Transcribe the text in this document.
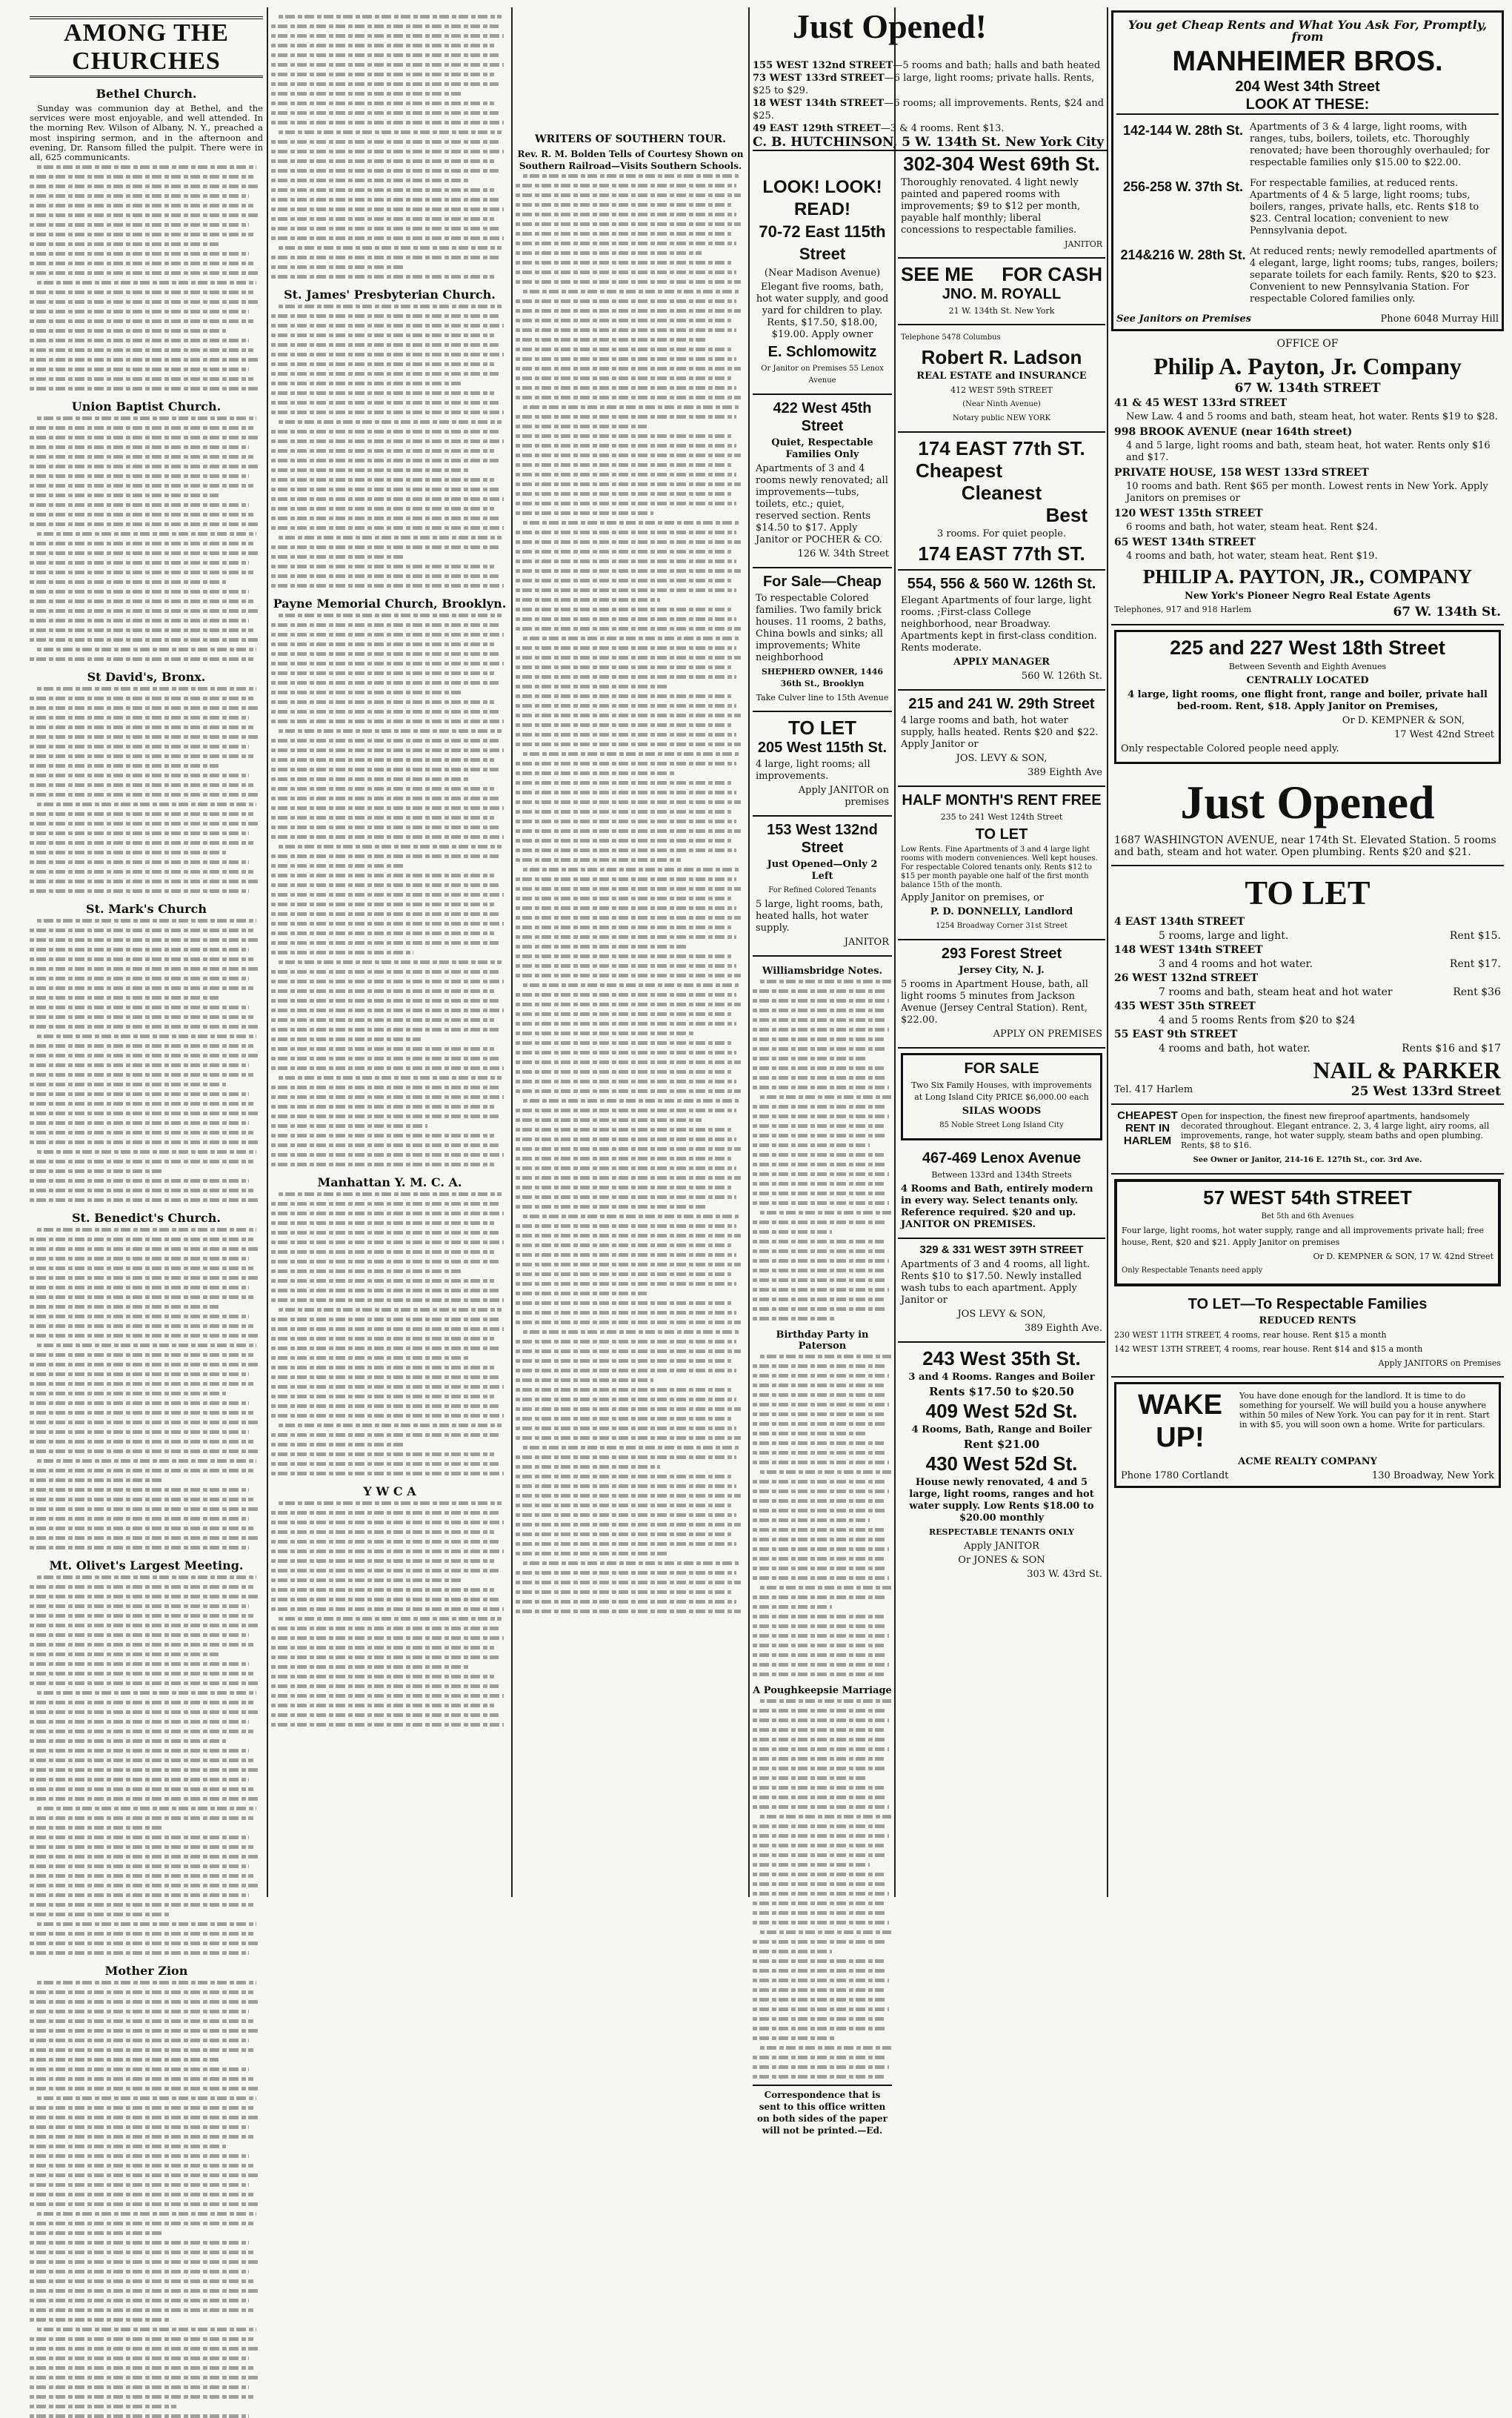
AMONG THE CHURCHES
Bethel Church.

Sunday was communion day at Bethel, and the services were most enjoyable, and well attended. In the morning Rev. Wilson of Albany, N. Y., preached a most inspiring sermon, and in the afternoon and evening, Dr. Ransom filled the pulpit. There were in all, 625 communicants.

Union Baptist Church.
St David's, Bronx.
St. Mark's Church
St. Benedict's Church.
Mt. Olivet's Largest Meeting.
Mother Zion
St. James' Presbyterian Church.
Payne Memorial Church, Brooklyn.
Manhattan Y. M. C. A.
Y W C A
WRITERS OF SOUTHERN TOUR.
Rev. R. M. Bolden Tells of Courtesy Shown on Southern Railroad—Visits Southern Schools.
Just Opened!
155 WEST 132nd STREET—5 rooms and bath; halls and bath heated
73 WEST 133rd STREET—6 large, light rooms; private halls. Rents, $25 to $29.
18 WEST 134th STREET—6 rooms; all improvements. Rents, $24 and $25.
49 EAST 129th STREET—3 & 4 rooms. Rent $13.
C. B. HUTCHINSON, 5 W. 134th St. New York City
LOOK! LOOK! READ!
70-72 East 115th Street
(Near Madison Avenue)
Elegant five rooms, bath, hot water supply, and good yard for children to play. Rents, $17.50, $18.00, $19.00. Apply owner
E. Schlomowitz
Or Janitor on Premises 55 Lenox Avenue
422 West 45th Street
Quiet, Respectable Families Only
Apartments of 3 and 4 rooms newly renovated; all improvements—tubs, toilets, etc.; quiet, reserved section. Rents $14.50 to $17. Apply Janitor or POCHER & CO.
126 W. 34th Street
For Sale—Cheap
To respectable Colored families. Two family brick houses. 11 rooms, 2 baths, China bowls and sinks; all improvements; White neighborhood
SHEPHERD OWNER, 1446 36th St., Brooklyn
Take Culver line to 15th Avenue
TO LET
205 West 115th St.
4 large, light rooms; all improvements.
Apply JANITOR on premises
153 West 132nd Street
Just Opened—Only 2 Left
For Refined Colored Tenants
5 large, light rooms, bath, heated halls, hot water supply.
JANITOR
Williamsbridge Notes.
Birthday Party in Paterson
A Poughkeepsie Marriage
Correspondence that is sent to this office written on both sides of the paper will not be printed.—Ed.
302-304 West 69th St.
Thoroughly renovated. 4 light newly painted and papered rooms with improvements; $9 to $12 per month, payable half monthly; liberal concessions to respectable families.
JANITOR
SEE ME FOR CASH
JNO. M. ROYALL
21 W. 134th St. New York
Telephone 5478 Columbus
Robert R. Ladson
REAL ESTATE and INSURANCE
412 WEST 59th STREET
(Near Ninth Avenue)
Notary public NEW YORK
174 EAST 77th ST.
Cheapest
Cleanest
Best
3 rooms. For quiet people.
174 EAST 77th ST.
554, 556 & 560 W. 126th St.
Elegant Apartments of four large, light rooms. ;First-class College neighborhood, near Broadway. Apartments kept in first-class condition. Rents moderate.
APPLY MANAGER
560 W. 126th St.
215 and 241 W. 29th Street
4 large rooms and bath, hot water supply, halls heated. Rents $20 and $22. Apply Janitor or
JOS. LEVY & SON,
389 Eighth Ave
HALF MONTH'S RENT FREE
235 to 241 West 124th Street
TO LET
Low Rents. Fine Apartments of 3 and 4 large light rooms with modern conveniences. Well kept houses. For respectable Colored tenants only. Rents $12 to $15 per month payable one half of the first month balance 15th of the month.
Apply Janitor on premises, or
P. D. DONNELLY, Landlord
1254 Broadway Corner 31st Street
293 Forest Street
Jersey City, N. J.
5 rooms in Apartment House, bath, all light rooms 5 minutes from Jackson Avenue (Jersey Central Station). Rent, $22.00.
APPLY ON PREMISES
FOR SALE
Two Six Family Houses, with improvements at Long Island City PRICE $6,000.00 each
SILAS WOODS
85 Noble Street Long Island City
467-469 Lenox Avenue
Between 133rd and 134th Streets
4 Rooms and Bath, entirely modern in every way. Select tenants only. Reference required. $20 and up. JANITOR ON PREMISES.
329 & 331 WEST 39TH STREET
Apartments of 3 and 4 rooms, all light. Rents $10 to $17.50. Newly installed wash tubs to each apartment. Apply Janitor or
JOS LEVY & SON,
389 Eighth Ave.
243 West 35th St.
3 and 4 Rooms. Ranges and Boiler
Rents $17.50 to $20.50
409 West 52d St.
4 Rooms, Bath, Range and Boiler
Rent $21.00
430 West 52d St.
House newly renovated, 4 and 5 large, light rooms, ranges and hot water supply. Low Rents $18.00 to $20.00 monthly
RESPECTABLE TENANTS ONLY
Apply JANITOR
Or JONES & SON
303 W. 43rd St.
You get Cheap Rents and What You Ask For, Promptly, from
MANHEIMER BROS.
204 West 34th Street
LOOK AT THESE:
142-144 W. 28th St. Apartments of 3 & 4 large, light rooms, with ranges, tubs, boilers, toilets, etc. Thoroughly renovated; have been thoroughly overhauled; for respectable families only $15.00 to $22.00.
256-258 W. 37th St. For respectable families, at reduced rents. Apartments of 4 & 5 large, light rooms; tubs, boilers, ranges, private halls, etc. Rents $18 to $23. Central location; convenient to new Pennsylvania depot.
214&216 W. 28th St. At reduced rents; newly remodelled apartments of 4 elegant, large, light rooms; tubs, ranges, boilers; separate toilets for each family. Rents, $20 to $23. Convenient to new Pennsylvania Station. For respectable Colored families only.
See Janitors on Premises	Phone 6048 Murray Hill
OFFICE OF
Philip A. Payton, Jr. Company
67 W. 134th STREET
41 & 45 WEST 133rd STREET
New Law. 4 and 5 rooms and bath, steam heat, hot water. Rents $19 to $28.
998 BROOK AVENUE (near 164th street)
4 and 5 large, light rooms and bath, steam heat, hot water. Rents only $16 and $17.
PRIVATE HOUSE, 158 WEST 133rd STREET
10 rooms and bath. Rent $65 per month. Lowest rents in New York. Apply Janitors on premises or
120 WEST 135th STREET
6 rooms and bath, hot water, steam heat. Rent $24.
65 WEST 134th STREET
4 rooms and bath, hot water, steam heat. Rent $19.
PHILIP A. PAYTON, JR., COMPANY
New York's Pioneer Negro Real Estate Agents
Telephones, 917 and 918 Harlem	67 W. 134th St.
225 and 227 West 18th Street
Between Seventh and Eighth Avenues
CENTRALLY LOCATED
4 large, light rooms, one flight front, range and boiler, private hall bed-room. Rent, $18. Apply Janitor on Premises,
Or D. KEMPNER & SON,
17 West 42nd Street
Only respectable Colored people need apply.
Just Opened
1687 WASHINGTON AVENUE, near 174th St. Elevated Station. 5 rooms and bath, steam and hot water. Open plumbing. Rents $20 and $21.
TO LET
4 EAST 134th STREET
5 rooms, large and light.	Rent $15.
148 WEST 134th STREET
3 and 4 rooms and hot water.	Rent $17.
26 WEST 132nd STREET
7 rooms and bath, steam heat and hot water	Rent $36
435 WEST 35th STREET
4 and 5 rooms Rents from $20 to $24
55 EAST 9th STREET
4 rooms and bath, hot water.	Rents $16 and $17
NAIL & PARKER
Tel. 417 Harlem	25 West 133rd Street
CHEAPEST RENT IN HARLEM
Open for inspection, the finest new fireproof apartments, handsomely decorated throughout. Elegant entrance. 2, 3, 4 large light, airy rooms, all improvements, range, hot water supply, steam baths and open plumbing. Rents, $8 to $16.
See Owner or Janitor, 214-16 E. 127th St., cor. 3rd Ave.
57 WEST 54th STREET
Bet 5th and 6th Avenues
Four large, light rooms, hot water supply, range and all improvements private hall; free house, Rent, $20 and $21. Apply Janitor on premises
Or D. KEMPNER & SON, 17 W. 42nd Street
Only Respectable Tenants need apply
TO LET—To Respectable Families
REDUCED RENTS
230 WEST 11TH STREET, 4 rooms, rear house. Rent $15 a month
142 WEST 13TH STREET, 4 rooms, rear house. Rent $14 and $15 a month
Apply JANITORS on Premises
WAKE UP!
You have done enough for the landlord. It is time to do something for yourself. We will build you a house anywhere within 50 miles of New York. You can pay for it in rent. Start in with $5, you will soon own a home. Write for particulars.
ACME REALTY COMPANY
Phone 1780 Cortlandt	130 Broadway, New York
